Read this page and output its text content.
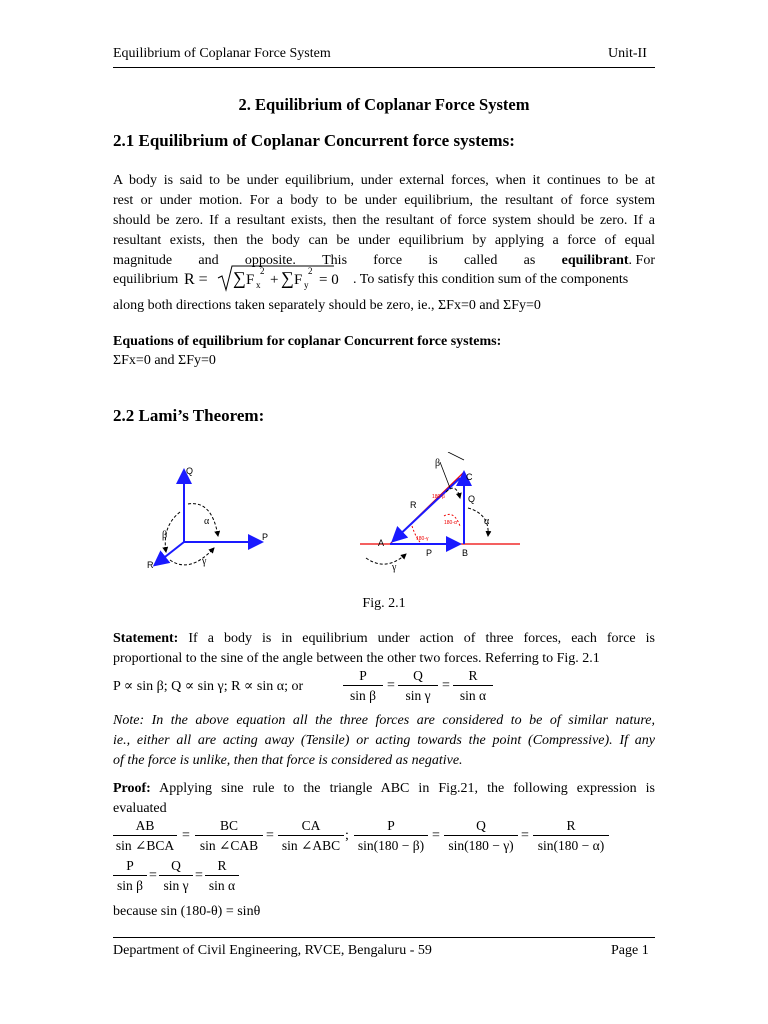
Equilibrium of Coplanar Force System	Unit-II
2. Equilibrium of Coplanar Force System
2.1 Equilibrium of Coplanar Concurrent force systems:
A body is said to be under equilibrium, under external forces, when it continues to be at
rest or under motion. For a body to be under equilibrium, the resultant of force system
should be zero. If a resultant exists, then the resultant of force system should be zero. If a
resultant exists, then the body can be under equilibrium by applying a force of equal
magnitude and opposite. This force is called as equilibrant. For
equilibrium R = ∑ F x
2
+ ∑ F y
2
= 0 . To satisfy this condition sum of the components
along both directions taken separately should be zero, ie., ΣFx=0 and ΣFy=0
Equations of equilibrium for coplanar Concurrent force systems:
ΣFx=0 and ΣFy=0
2.2 Lami’s Theorem:
Q
P
R
α
β
γ
β
C
Q
R
A
P	B
α
γ
180-β
180-α
180-γ
Fig. 2.1
Statement: If a body is in equilibrium under action of three forces, each force is
proportional to the sine of the angle between the other two forces. Referring to Fig. 2.1
P ∝ sin β; Q ∝ sin γ; R ∝ sin α; or	$\frac{P}{\text{sin β}} = \frac{Q}{\text{sin γ}} = \frac{R}{\text{sin α}}$
Note: In the above equation all the three forces are considered to be of similar nature,
ie., either all are acting away (Tensile) or acting towards the point (Compressive). If any
of the force is unlike, then that force is considered as negative.
Proof: Applying sine rule to the triangle ABC in Fig.21, the following expression is
evaluated
AB
sin ∠BCA
=
BC
sin ∠CAB
=
CA
sin ∠ABC
; $\frac{P}{\sin(180 - \beta)} = \frac{Q}{\sin(180 - \gamma)} = \frac{R}{\sin(180 - \alpha)}$
$\frac{P}{\text{sin β}} = \frac{Q}{\text{sin γ}} = \frac{R}{\text{sin α}}$
because sin (180-θ) = sinθ
Department of Civil Engineering, RVCE, Bengaluru - 59	Page 1
